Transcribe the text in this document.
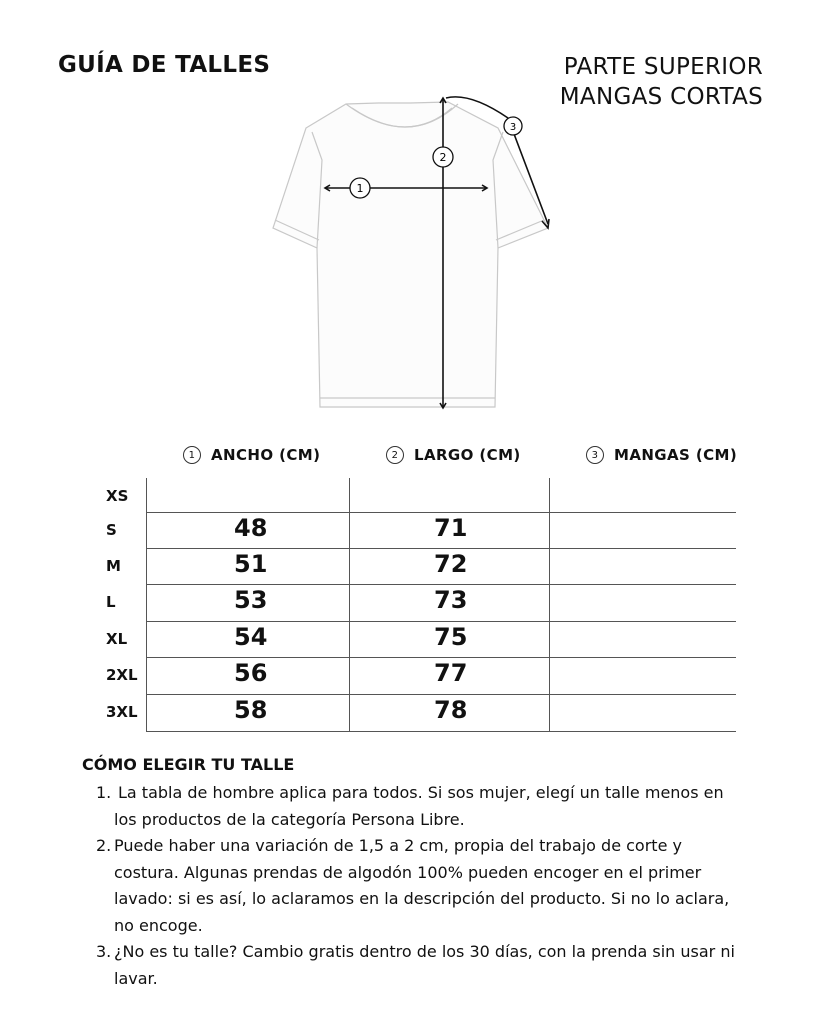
GUÍA DE TALLES	PARTE SUPERIOR
MANGAS CORTAS
1
2
3
1	ANCHO (CM)	2	LARGO (CM)	3	MANGAS (CM)
XS
S	48	71
M	51	72
L	53	73
XL	54	75
2XL	56	77
3XL	58	78
CÓMO ELEGIR TU TALLE
1. La tabla de hombre aplica para todos. Si sos mujer, elegí un talle menos en los productos de la categoría Persona Libre.
2. Puede haber una variación de 1,5 a 2 cm, propia del trabajo de corte y costura. Algunas prendas de algodón 100% pueden encoger en el primer lavado: si es así, lo aclaramos en la descripción del producto. Si no lo aclara, no encoge.
3. ¿No es tu talle? Cambio gratis dentro de los 30 días, con la prenda sin usar ni lavar.
